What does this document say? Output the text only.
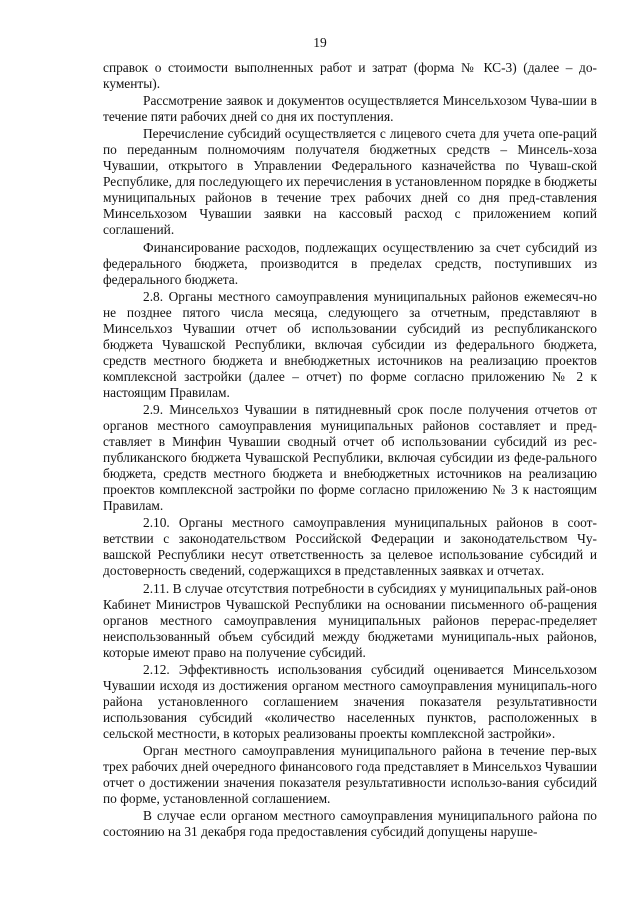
19

справок о стоимости выполненных работ и затрат (форма № КС-3) (далее – до-кументы).

Рассмотрение заявок и документов осуществляется Минсельхозом Чува-шии в течение пяти рабочих дней со дня их поступления.

Перечисление субсидий осуществляется с лицевого счета для учета опе-раций по переданным полномочиям получателя бюджетных средств – Минсель-хоза Чувашии, открытого в Управлении Федерального казначейства по Чуваш-ской Республике, для последующего их перечисления в установленном порядке в бюджеты муниципальных районов в течение трех рабочих дней со дня пред-ставления Минсельхозом Чувашии заявки на кассовый расход с приложением копий соглашений.

Финансирование расходов, подлежащих осуществлению за счет субсидий из федерального бюджета, производится в пределах средств, поступивших из федерального бюджета.

2.8. Органы местного самоуправления муниципальных районов ежемесяч-но не позднее пятого числа месяца, следующего за отчетным, представляют в Минсельхоз Чувашии отчет об использовании субсидий из республиканского бюджета Чувашской Республики, включая субсидии из федерального бюджета, средств местного бюджета и внебюджетных источников на реализацию проектов комплексной застройки (далее – отчет) по форме согласно приложению № 2 к настоящим Правилам.

2.9. Минсельхоз Чувашии в пятидневный срок после получения отчетов от органов местного самоуправления муниципальных районов составляет и пред-ставляет в Минфин Чувашии сводный отчет об использовании субсидий из рес-публиканского бюджета Чувашской Республики, включая субсидии из феде-рального бюджета, средств местного бюджета и внебюджетных источников на реализацию проектов комплексной застройки по форме согласно приложению № 3 к настоящим Правилам.

2.10. Органы местного самоуправления муниципальных районов в соот-ветствии с законодательством Российской Федерации и законодательством Чу-вашской Республики несут ответственность за целевое использование субсидий и достоверность сведений, содержащихся в представленных заявках и отчетах.

2.11. В случае отсутствия потребности в субсидиях у муниципальных рай-онов Кабинет Министров Чувашской Республики на основании письменного об-ращения органов местного самоуправления муниципальных районов перерас-пределяет неиспользованный объем субсидий между бюджетами муниципаль-ных районов, которые имеют право на получение субсидий.

2.12. Эффективность использования субсидий оценивается Минсельхозом Чувашии исходя из достижения органом местного самоуправления муниципаль-ного района установленного соглашением значения показателя результативности использования субсидий «количество населенных пунктов, расположенных в сельской местности, в которых реализованы проекты комплексной застройки».

Орган местного самоуправления муниципального района в течение пер-вых трех рабочих дней очередного финансового года представляет в Минсельхоз Чувашии отчет о достижении значения показателя результативности использо-вания субсидий по форме, установленной соглашением.

В случае если органом местного самоуправления муниципального района по состоянию на 31 декабря года предоставления субсидий допущены наруше-
